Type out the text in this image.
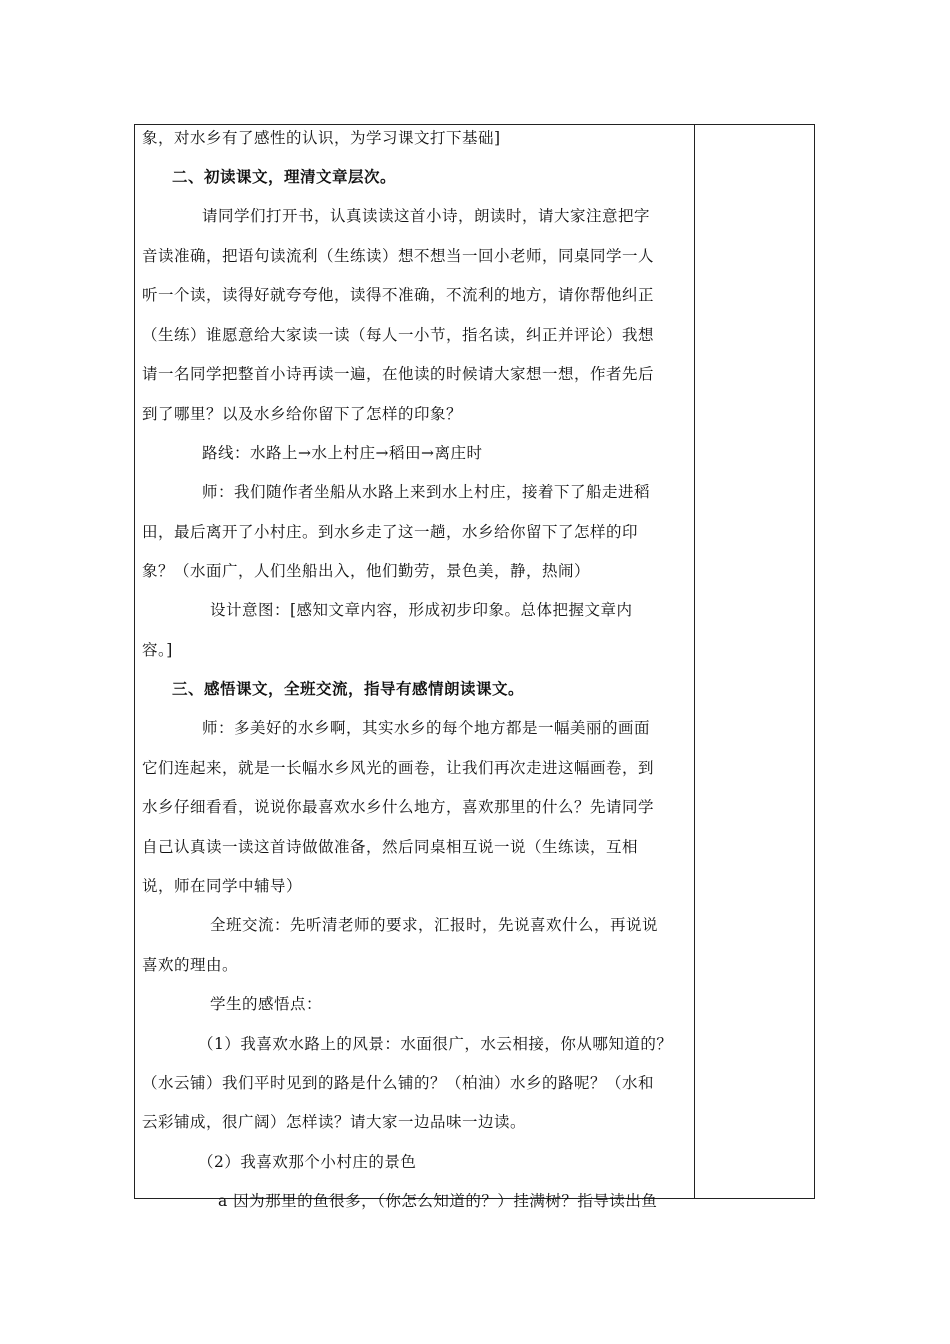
象，对水乡有了感性的认识，为学习课文打下基础]
二、初读课文，理清文章层次。
请同学们打开书，认真读读这首小诗，朗读时，请大家注意把字
音读准确，把语句读流利（生练读）想不想当一回小老师，同桌同学一人
听一个读，读得好就夸夸他，读得不准确，不流利的地方，请你帮他纠正
（生练）谁愿意给大家读一读（每人一小节，指名读，纠正并评论）我想
请一名同学把整首小诗再读一遍，在他读的时候请大家想一想，作者先后
到了哪里？以及水乡给你留下了怎样的印象？
路线：水路上→水上村庄→稻田→离庄时
师：我们随作者坐船从水路上来到水上村庄，接着下了船走进稻
田，最后离开了小村庄。到水乡走了这一趟，水乡给你留下了怎样的印
象？（水面广，人们坐船出入，他们勤劳，景色美，静，热闹）
设计意图：[感知文章内容，形成初步印象。总体把握文章内
容。]
三、感悟课文，全班交流，指导有感情朗读课文。
师：多美好的水乡啊，其实水乡的每个地方都是一幅美丽的画面
它们连起来，就是一长幅水乡风光的画卷，让我们再次走进这幅画卷，到
水乡仔细看看，说说你最喜欢水乡什么地方，喜欢那里的什么？先请同学
自己认真读一读这首诗做做准备，然后同桌相互说一说（生练读，互相
说，师在同学中辅导）
全班交流：先听清老师的要求，汇报时，先说喜欢什么，再说说
喜欢的理由。
学生的感悟点：
（1）我喜欢水路上的风景：水面很广，水云相接，你从哪知道的？
（水云铺）我们平时见到的路是什么铺的？（柏油）水乡的路呢？（水和
云彩铺成，很广阔）怎样读？请大家一边品味一边读。
（2）我喜欢那个小村庄的景色
a 因为那里的鱼很多，（你怎么知道的？）挂满树？指导读出鱼
